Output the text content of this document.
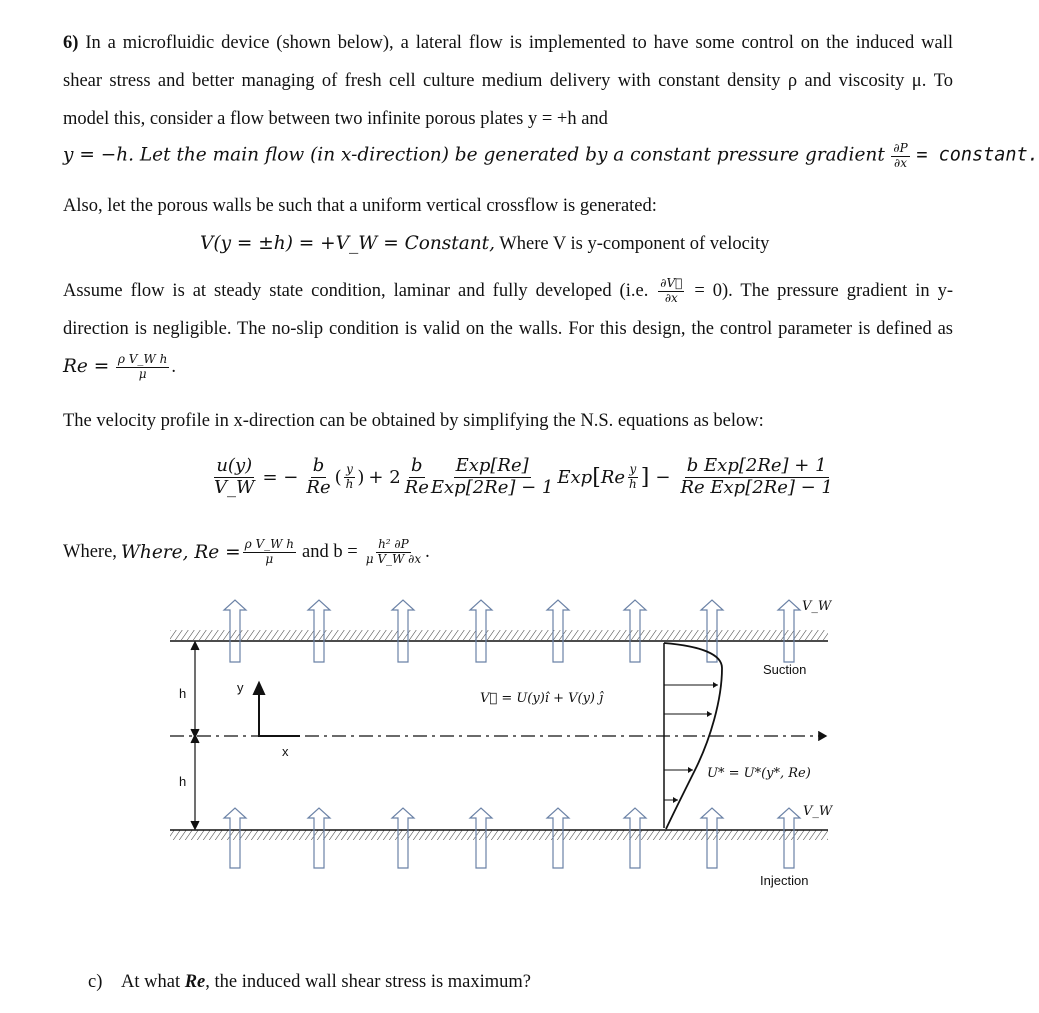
6) In a microfluidic device (shown below), a lateral flow is implemented to have some control on the induced wall shear stress and better managing of fresh cell culture medium delivery with constant density ρ and viscosity μ. To model this, consider a flow between two infinite porous plates y = +h and
y = −h. Let the main flow (in x-direction) be generated by a constant pressure gradient $\frac{\partial P}{\partial x}$ = constant.
Also, let the porous walls be such that a uniform vertical crossflow is generated:
V(y = ±h) = +V_W = Constant, Where V is y-component of velocity
Assume flow is at steady state condition, laminar and fully developed (i.e. $\frac{\partial V⃗}{\partial x} = 0$). The pressure gradient in y-direction is negligible. The no-slip condition is valid on the walls. For this design, the control parameter is defined as $Re = \frac{\text{ρ V\_W h}}{\mu}$ .
The velocity profile in x-direction can be obtained by simplifying the N.S. equations as below:
$\frac{u(y)}{V\_W}$ = − $\frac{b}{Re}$ ( $\frac{y}{h}$ ) + $2 \frac{b}{Re}$
$\frac{\text{Exp[Re]}}{\text{Exp[2Re] − 1}}$ Exp [ Re $\frac{y}{h}$ ] − $\frac{\text{b Exp[2Re] + 1}}{\text{Re Exp[2Re] − 1}}$
Where, Where, $Re = \frac{\text{ρ V\_W h}}{\mu}$ and $b = \frac{\text{h² ∂P}}{\text{μ V\_W ∂x}}$ .
h
h
y
x
V⃗ = U(y)î + V(y) ĵ
V_W
Suction
U* = U*(y*, Re)
V_W
Injection
c) At what Re, the induced wall shear stress is maximum?
